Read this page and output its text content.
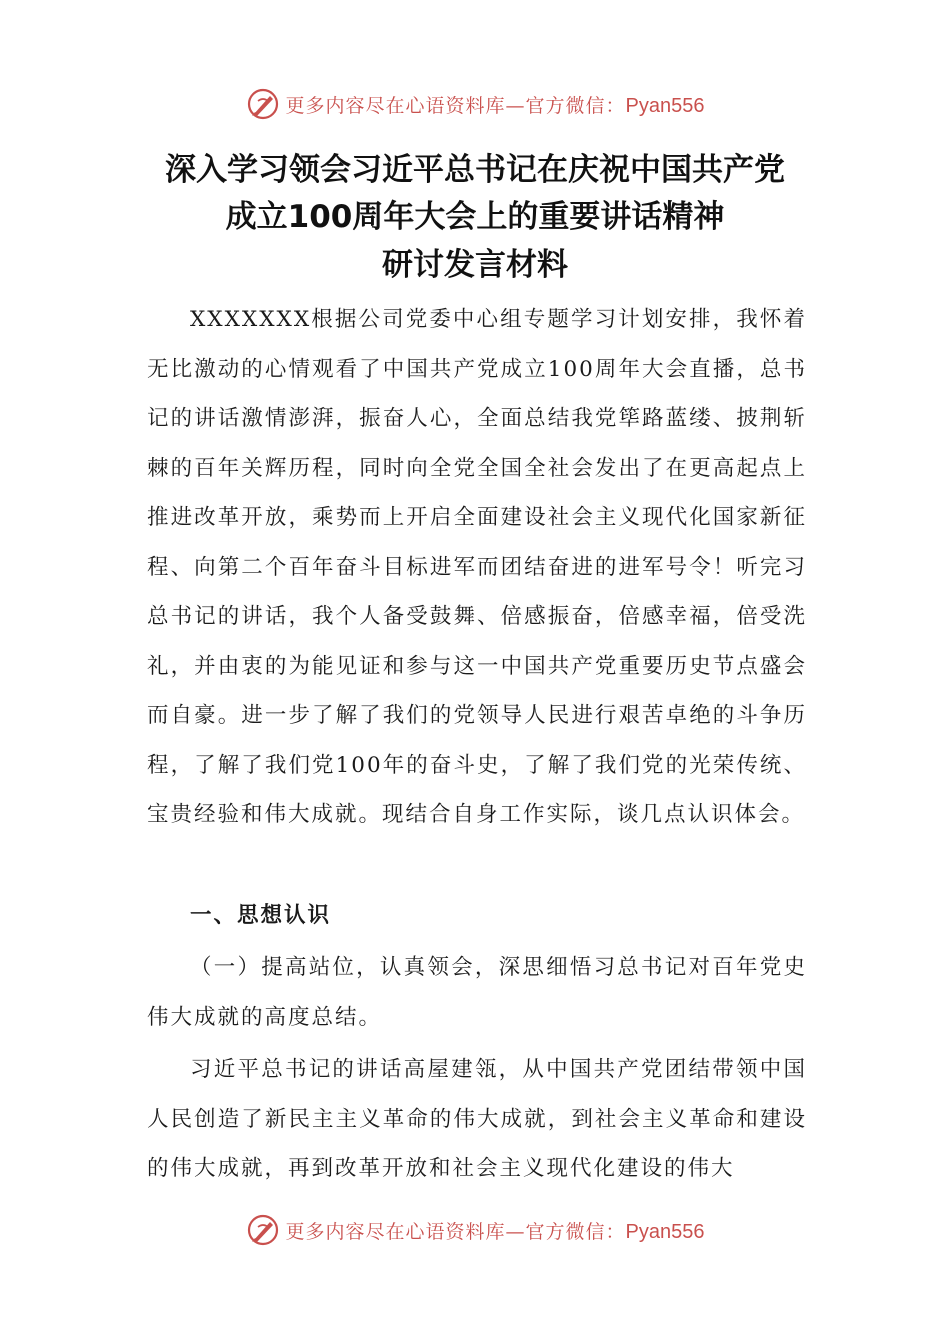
更多内容尽在心语资料库—官方微信：Pyan556
深入学习领会习近平总书记在庆祝中国共产党
成立100周年大会上的重要讲话精神
研讨发言材料

XXXXXXX根据公司党委中心组专题学习计划安排，我怀着无比激动的心情观看了中国共产党成立100周年大会直播，总书记的讲话激情澎湃，振奋人心，全面总结我党筚路蓝缕、披荆斩棘的百年关辉历程，同时向全党全国全社会发出了在更高起点上推进改革开放，乘势而上开启全面建设社会主义现代化国家新征程、向第二个百年奋斗目标进军而团结奋进的进军号令！听完习总书记的讲话，我个人备受鼓舞、倍感振奋，倍感幸福，倍受洗礼，并由衷的为能见证和参与这一中国共产党重要历史节点盛会而自豪。进一步了解了我们的党领导人民进行艰苦卓绝的斗争历程，了解了我们党100年的奋斗史，了解了我们党的光荣传统、宝贵经验和伟大成就。现结合自身工作实际，谈几点认识体会。

一、思想认识

（一）提高站位，认真领会，深思细悟习总书记对百年党史伟大成就的高度总结。

习近平总书记的讲话高屋建瓴，从中国共产党团结带领中国人民创造了新民主主义革命的伟大成就，到社会主义革命和建设的伟大成就，再到改革开放和社会主义现代化建设的伟大

更多内容尽在心语资料库—官方微信：Pyan556
